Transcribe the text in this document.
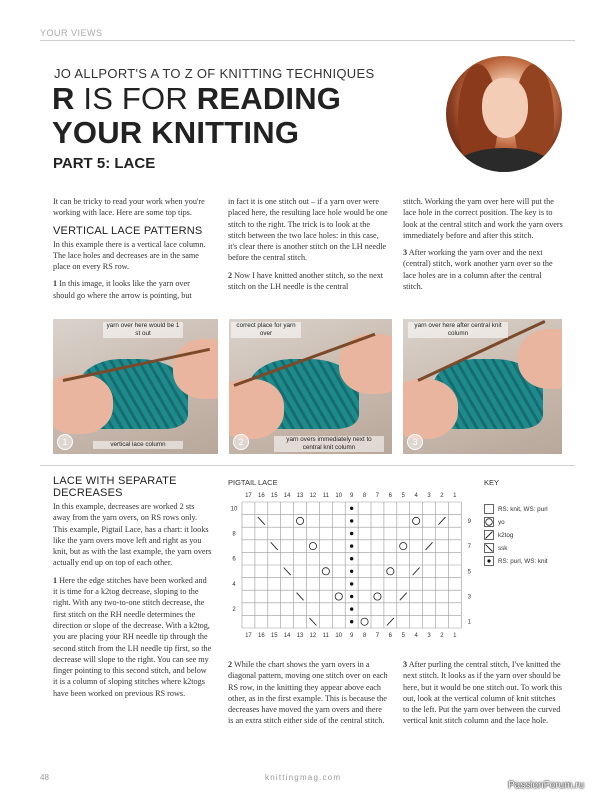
YOUR VIEWS
JO ALLPORT'S A TO Z OF KNITTING TECHNIQUES
R IS FOR READING
YOUR KNITTING
PART 5: LACE

It can be tricky to read your work when you're working with lace. Here are some top tips.

VERTICAL LACE PATTERNS

In this example there is a vertical lace column. The lace holes and decreases are in the same place on every RS row.

1 In this image, it looks like the yarn over should go where the arrow is pointing, but

in fact it is one stitch out – if a yarn over were placed here, the resulting lace hole would be one stitch to the right. The trick is to look at the stitch between the two lace holes: in this case, it's clear there is another stitch on the LH needle before the central stitch.

2 Now I have knitted another stitch, so the next stitch on the LH needle is the central

stitch. Working the yarn over here will put the lace hole in the correct position. The key is to look at the central stitch and work the yarn overs immediately before and after this stitch.

3 After working the yarn over and the next (central) stitch, work another yarn over so the lace holes are in a column after the central stitch.

yarn over here would be 1 st out
vertical lace column
1
correct place for yarn over
yarn overs immediately next to central knit column
2
yarn over here after central knit column
3
LACE WITH SEPARATE DECREASES

In this example, decreases are worked 2 sts away from the yarn overs, on RS rows only. This example, Pigtail Lace, has a chart: it looks like the yarn overs move left and right as you knit, but as with the last example, the yarn overs actually end up on top of each other.

1 Here the edge stitches have been worked and it is time for a k2tog decrease, sloping to the right. With any two-to-one stitch decrease, the first stitch on the RH needle determines the direction or slope of the decrease. With a k2tog, you are placing your RH needle tip through the second stitch from the LH needle tip first, so the decrease will slope to the right. You can see my finger pointing to this second stitch, and below it is a column of sloping stitches where k2togs have been worked on previous RS rows.

2 While the chart shows the yarn overs in a diagonal pattern, moving one stitch over on each RS row, in the knitting they appear above each other, as in the first example. This is because the decreases have moved the yarn overs and there is an extra stitch either side of the central stitch.

3 After purling the central stitch, I've knitted the next stitch. It looks as if the yarn over should be here, but it would be one stitch out. To work this out, look at the vertical column of knit stitches to the left. Put the yarn over between the curved vertical knit stitch column and the lace hole.

PIGTAIL LACE
17
17
16
16
15
15
14
14
13
13
12
12
11
11
10
10
9
9
8
8
7
7
6
6
5
5
4
4
3
3
2
2
1
1
10
9
8
7
6
5
4
3
2
1
KEY
RS: knit, WS: purl
yo
k2tog
ssk
RS: purl, WS: knit
48	knittingmag.com
PassionForum.ru
